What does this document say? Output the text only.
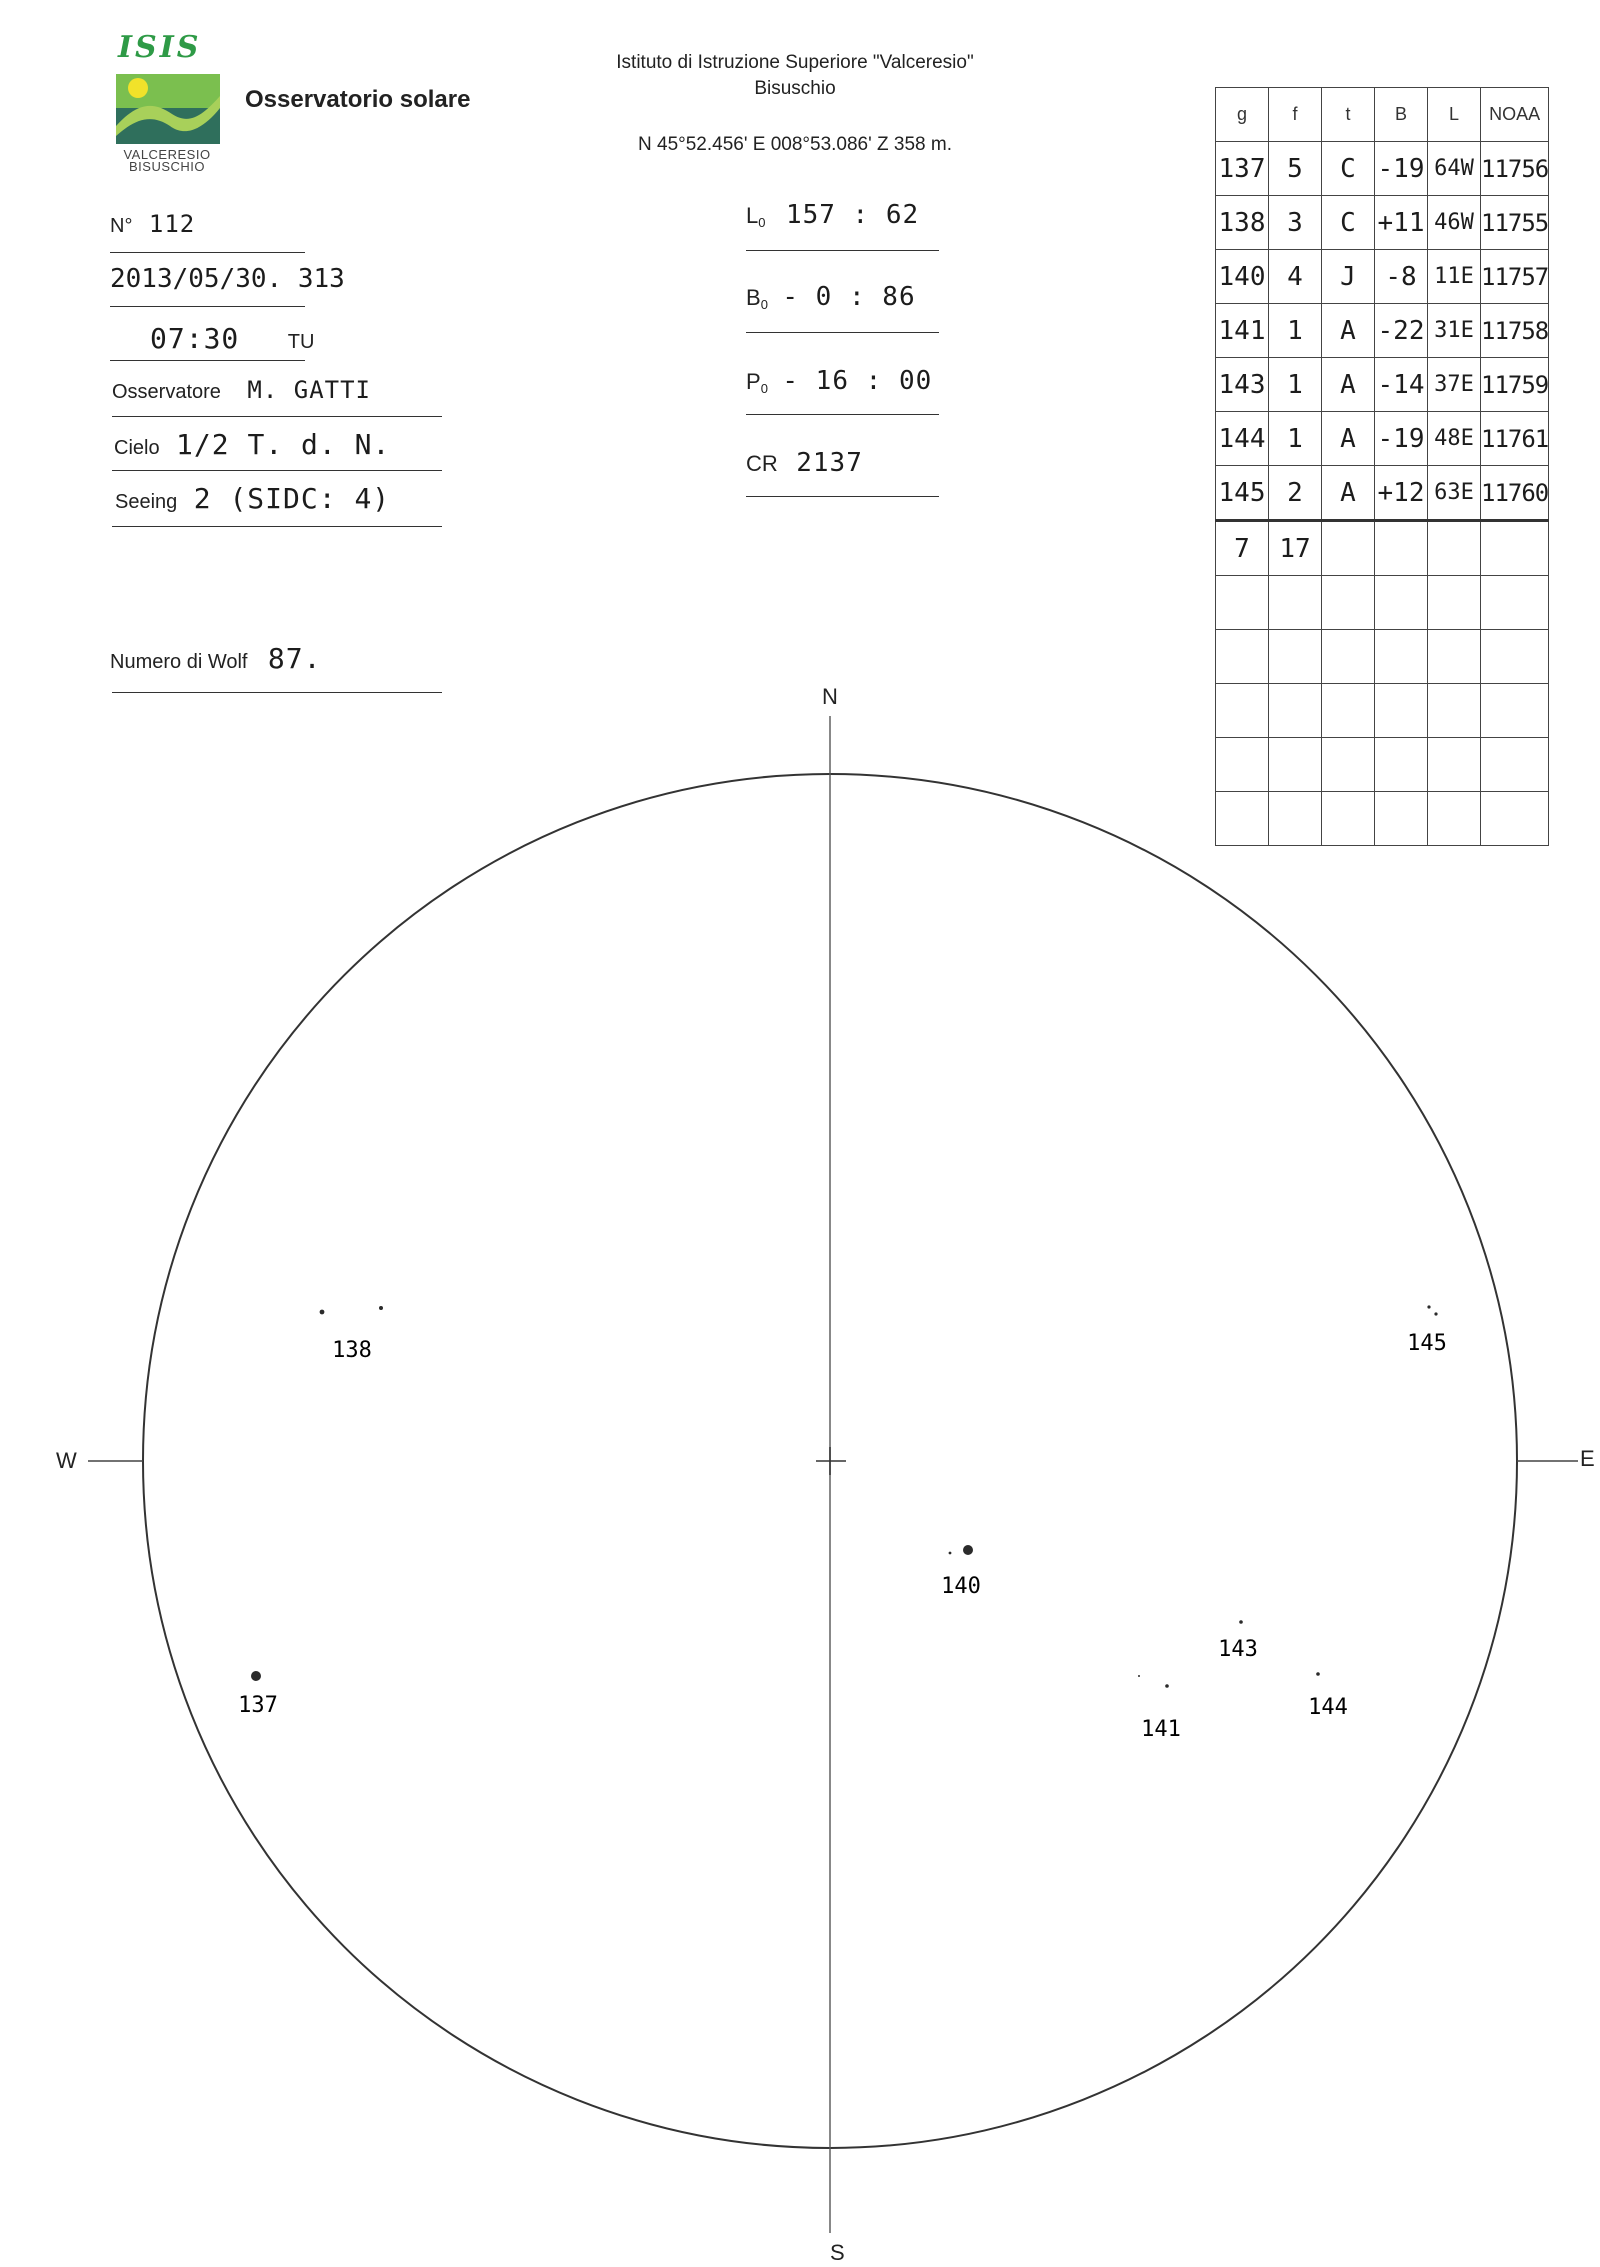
ISIS
VALCERESIO
BISUSCHIO
Osservatorio solare
Istituto di Istruzione Superiore "Valceresio"
Bisuschio
N 45°52.456' E 008°53.086' Z 358 m.
N° 112
2013/05/30. 313
07:30 TU
Osservatore M. GATTI
Cielo 1/2 T. d. N.
Seeing 2 (SIDC: 4)
Numero di Wolf 87.
$L_0$ 157 : 62
$B_0 - 0$ : 86
$P_0 - 16$ : 00
CR 2137
g	f	t	B	L	NOAA
137	5	C	-19	64W	11756
138	3	C	+11	46W	11755
140	4	J	-8	11E	11757
141	1	A	-22	31E	11758
143	1	A	-14	37E	11759
144	1	A	-19	48E	11761
145	2	A	+12	63E	11760
7	17				

138	145
140
143
137	144
141
W	E
N
S
